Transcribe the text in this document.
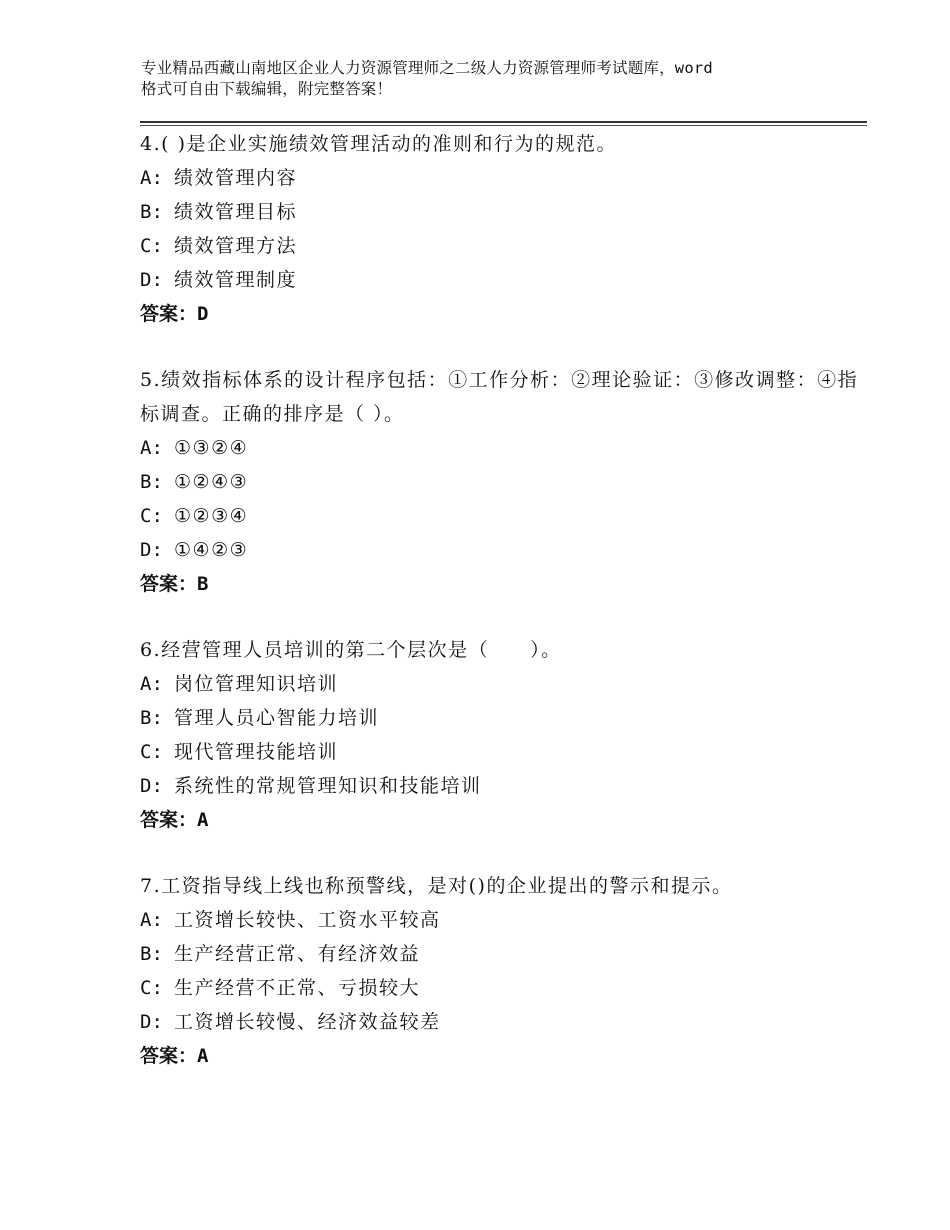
专业精品西藏山南地区企业人力资源管理师之二级人力资源管理师考试题库，word
格式可自由下载编辑，附完整答案！
4.( )是企业实施绩效管理活动的准则和行为的规范。
A: 绩效管理内容
B: 绩效管理目标
C: 绩效管理方法
D: 绩效管理制度
答案：D
5.绩效指标体系的设计程序包括：①工作分析：②理论验证：③修改调整：④指标调查。正确的排序是（ ）。
A: ①③②④
B: ①②④③
C: ①②③④
D: ①④②③
答案：B
6.经营管理人员培训的第二个层次是（　　）。
A: 岗位管理知识培训
B: 管理人员心智能力培训
C: 现代管理技能培训
D: 系统性的常规管理知识和技能培训
答案：A
7.工资指导线上线也称预警线，是对()的企业提出的警示和提示。
A: 工资增长较快、工资水平较高
B: 生产经营正常、有经济效益
C: 生产经营不正常、亏损较大
D: 工资增长较慢、经济效益较差
答案：A
